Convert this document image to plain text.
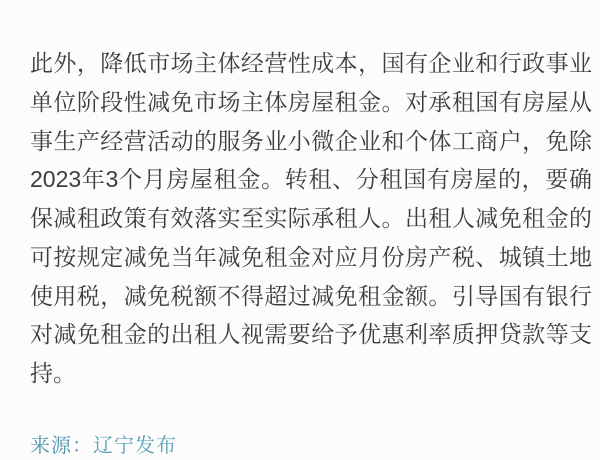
此外，降低市场主体经营性成本，国有企业和行政事业
单位阶段性减免市场主体房屋租金。对承租国有房屋从
事生产经营活动的服务业小微企业和个体工商户，免除
2023年3个月房屋租金。转租、分租国有房屋的，要确
保减租政策有效落实至实际承租人。出租人减免租金的
可按规定减免当年减免租金对应月份房产税、城镇土地
使用税，减免税额不得超过减免租金额。引导国有银行
对减免租金的出租人视需要给予优惠利率质押贷款等支
持。
来源：辽宁发布
